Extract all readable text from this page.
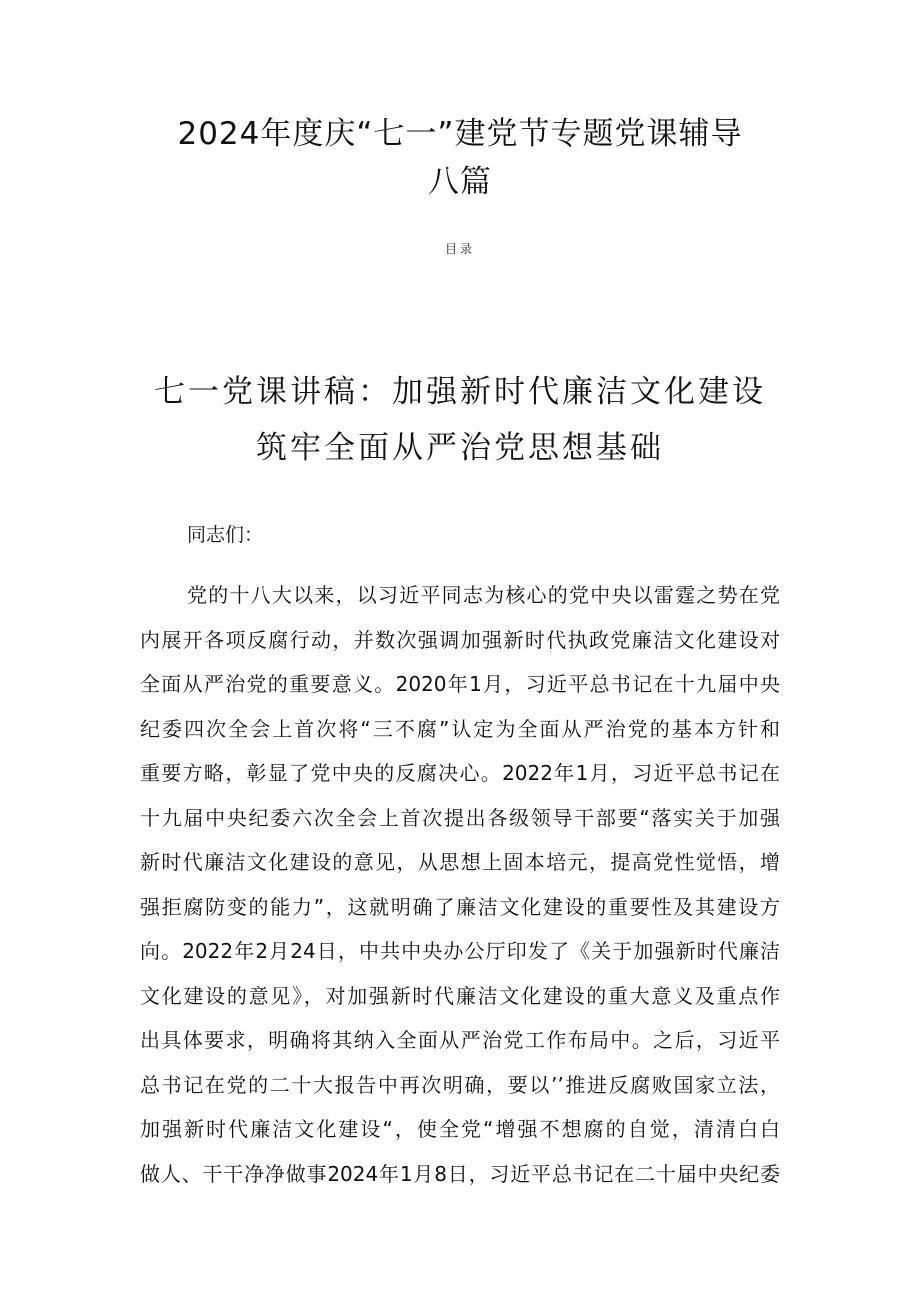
2024年度庆“七一”建党节专题党课辅导
八篇
目录
七一党课讲稿：加强新时代廉洁文化建设
筑牢全面从严治党思想基础
同志们：
党的十八大以来，以习近平同志为核心的党中央以雷霆之势在党
内展开各项反腐行动，并数次强调加强新时代执政党廉洁文化建设对
全面从严治党的重要意义。2020年1月，习近平总书记在十九届中央
纪委四次全会上首次将“三不腐”认定为全面从严治党的基本方针和
重要方略，彰显了党中央的反腐决心。2022年1月，习近平总书记在
十九届中央纪委六次全会上首次提出各级领导干部要“落实关于加强
新时代廉洁文化建设的意见，从思想上固本培元，提高党性觉悟，增
强拒腐防变的能力”，这就明确了廉洁文化建设的重要性及其建设方
向。2022年2月24日，中共中央办公厅印发了《关于加强新时代廉洁
文化建设的意见》，对加强新时代廉洁文化建设的重大意义及重点作
出具体要求，明确将其纳入全面从严治党工作布局中。之后，习近平
总书记在党的二十大报告中再次明确，要以’’推进反腐败国家立法，
加强新时代廉洁文化建设“，使全党“增强不想腐的自觉，清清白白
做人、干干净净做事2024年1月8日，习近平总书记在二十届中央纪委
